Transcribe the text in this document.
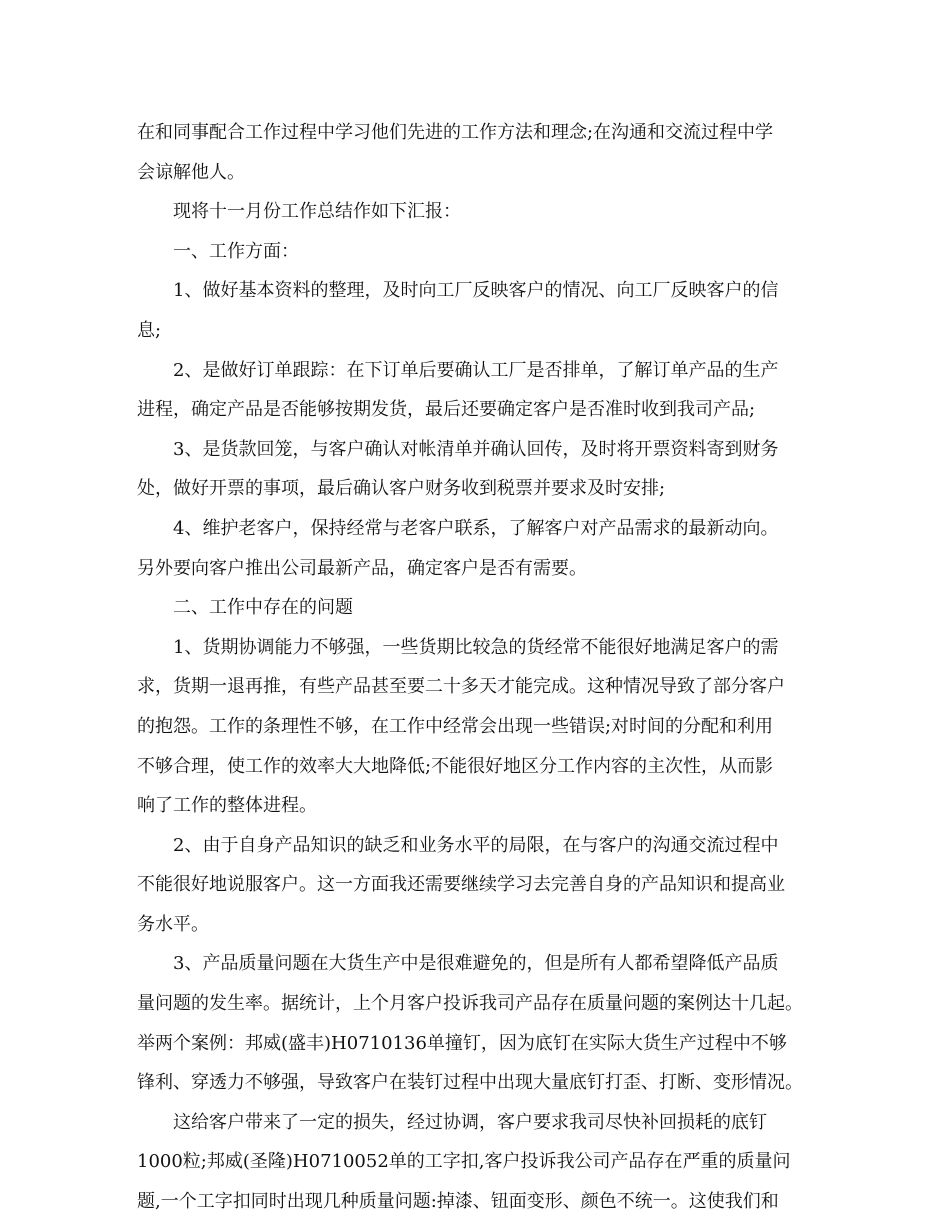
在和同事配合工作过程中学习他们先进的工作方法和理念;在沟通和交流过程中学
会谅解他人。
现将十一月份工作总结作如下汇报：
一、工作方面：
1、做好基本资料的整理，及时向工厂反映客户的情况、向工厂反映客户的信
息;
2、是做好订单跟踪：在下订单后要确认工厂是否排单，了解订单产品的生产
进程，确定产品是否能够按期发货，最后还要确定客户是否准时收到我司产品;
3、是货款回笼，与客户确认对帐清单并确认回传，及时将开票资料寄到财务
处，做好开票的事项，最后确认客户财务收到税票并要求及时安排;
4、维护老客户，保持经常与老客户联系，了解客户对产品需求的最新动向。
另外要向客户推出公司最新产品，确定客户是否有需要。
二、工作中存在的问题
1、货期协调能力不够强，一些货期比较急的货经常不能很好地满足客户的需
求，货期一退再推，有些产品甚至要二十多天才能完成。这种情况导致了部分客户
的抱怨。工作的条理性不够，在工作中经常会出现一些错误;对时间的分配和利用
不够合理，使工作的效率大大地降低;不能很好地区分工作内容的主次性，从而影
响了工作的整体进程。
2、由于自身产品知识的缺乏和业务水平的局限，在与客户的沟通交流过程中
不能很好地说服客户。这一方面我还需要继续学习去完善自身的产品知识和提高业
务水平。
3、产品质量问题在大货生产中是很难避免的，但是所有人都希望降低产品质
量问题的发生率。据统计，上个月客户投诉我司产品存在质量问题的案例达十几起。
举两个案例：邦威(盛丰)H0710136单撞钉，因为底钉在实际大货生产过程中不够
锋利、穿透力不够强，导致客户在装钉过程中出现大量底钉打歪、打断、变形情况。
这给客户带来了一定的损失，经过协调，客户要求我司尽快补回损耗的底钉
1000粒;邦威(圣隆)H0710052单的工字扣,客户投诉我公司产品存在严重的质量问
题,一个工字扣同时出现几种质量问题:掉漆、钮面变形、颜色不统一。这使我们和
